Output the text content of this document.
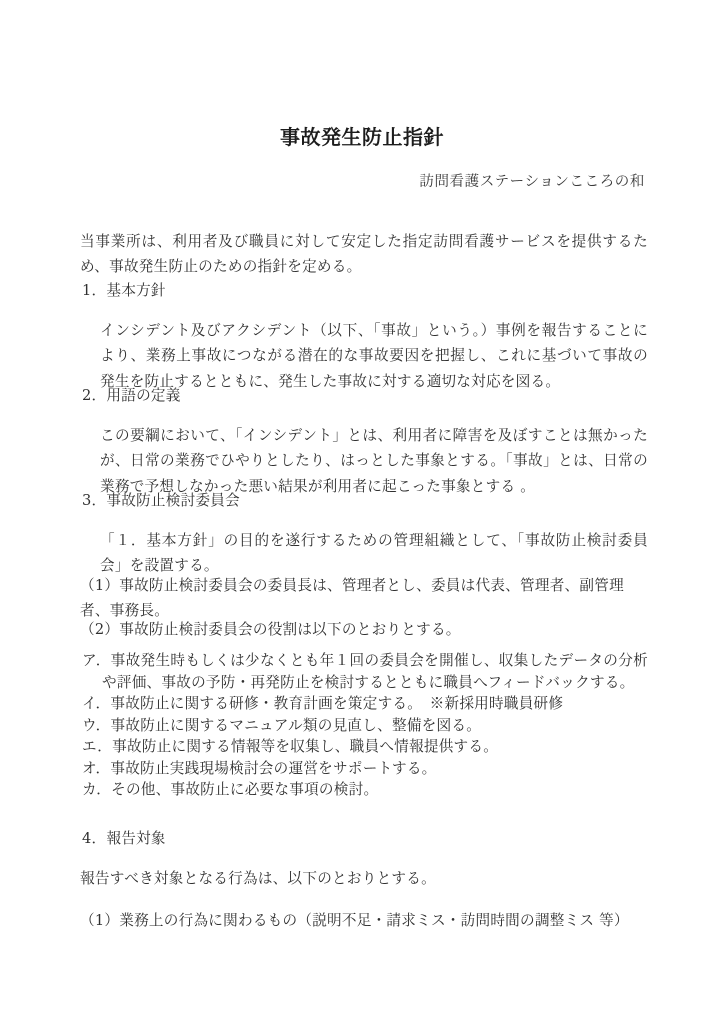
事故発生防止指針
訪問看護ステーションこころの和

当事業所は、利用者及び職員に対して安定した指定訪問看護サービスを提供するため、事故発生防止のための指針を定める。

1．基本方針

インシデント及びアクシデント（以下、「事故」という。）事例を報告することにより、業務上事故につながる潜在的な事故要因を把握し、これに基づいて事故の発生を防止するとともに、発生した事故に対する適切な対応を図る。

2．用語の定義

この要綱において、「インシデント」とは、利用者に障害を及ぼすことは無かったが、日常の業務でひやりとしたり、はっとした事象とする。「事故」とは、日常の業務で予想しなかった悪い結果が利用者に起こった事象とする 。

3．事故防止検討委員会

「１．基本方針」の目的を遂行するための管理組織として、「事故防止検討委員会」を設置する。

（1）事故防止検討委員会の委員長は、管理者とし、委員は代表、管理者、副管理者、事務長。

（2）事故防止検討委員会の役割は以下のとおりとする。

ア．事故発生時もしくは少なくとも年１回の委員会を開催し、収集したデータの分析や評価、事故の予防・再発防止を検討するとともに職員へフィードバックする。
イ．事故防止に関する研修・教育計画を策定する。　※新採用時職員研修
ウ．事故防止に関するマニュアル類の見直し、整備を図る。
エ．事故防止に関する情報等を収集し、職員へ情報提供する。
オ．事故防止実践現場検討会の運営をサポートする。
カ．その他、事故防止に必要な事項の検討。
4．報告対象

報告すべき対象となる行為は、以下のとおりとする。

（1）業務上の行為に関わるもの（説明不足・請求ミス・訪問時間の調整ミス 等）
